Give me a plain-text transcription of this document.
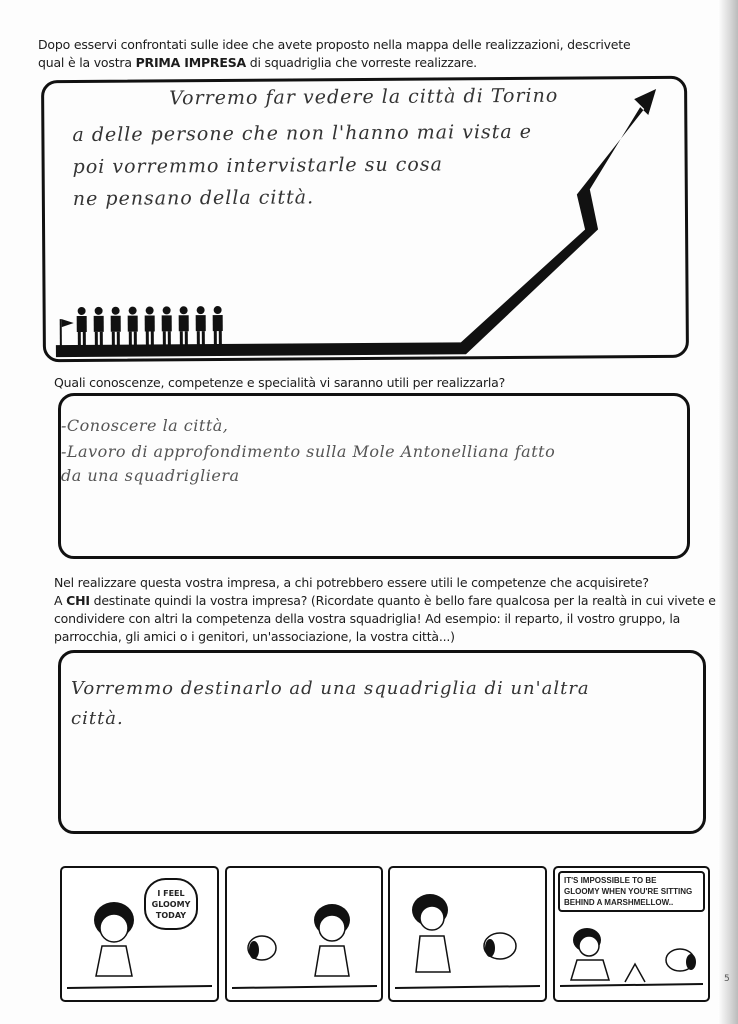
Dopo esservi confrontati sulle idee che avete proposto nella mappa delle realizzazioni, descrivete
qual è la vostra PRIMA IMPRESA di squadriglia che vorreste realizzare.
Vorremo far vedere la città di Torino
a delle persone che non l'hanno mai vista e
poi vorremmo intervistarle su cosa
ne pensano della città.
Quali conoscenze, competenze e specialità vi saranno utili per realizzarla?
-Conoscere la città,
-Lavoro di approfondimento sulla Mole Antonelliana fatto
da una squadrigliera
Nel realizzare questa vostra impresa, a chi potrebbero essere utili le competenze che acquisirete?
A CHI destinate quindi la vostra impresa? (Ricordate quanto è bello fare qualcosa per la realtà in cui vivete e
condividere con altri la competenza della vostra squadriglia! Ad esempio: il reparto, il vostro gruppo, la
parrocchia, gli amici o i genitori, un'associazione, la vostra città...)
Vorremmo destinarlo ad una squadriglia di un'altra
città.
I FEEL
GLOOMY
TODAY
IT'S IMPOSSIBLE TO BE
GLOOMY WHEN YOU'RE SITTING
BEHIND A MARSHMELLOW..
5
